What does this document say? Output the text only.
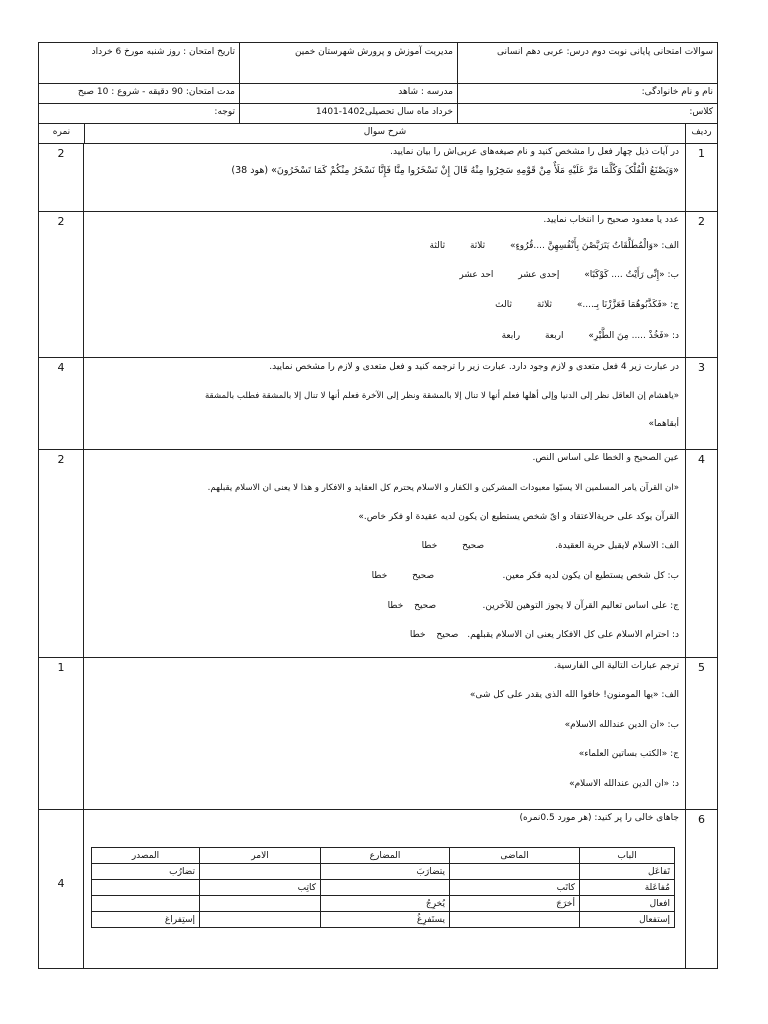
تاریخ امتحان : روز شنبه مورخ 6 خرداد	مدیریت آموزش و پرورش شهرستان خمین	سوالات امتحانی پایانی نوبت دوم درس: عربی دهم انسانی
مدت امتحان: 90 دقیقه - شروع : 10 صبح	مدرسه : شاهد	نام و نام خانوادگی:
توجه:	خرداد ماه سال تحصیلی1402-1401	کلاس:
نمره	شرح سوال	ردیف
1
در آیات ذیل چهار فعل را مشخص کنید و نام صیغه‌های عربی‌اش را بیان نمایید.
«وَیَصْنَعُ الْفُلْکَ وَکُلَّمَا مَرَّ عَلَیْهِ مَلَأٌ مِنْ قَوْمِهِ سَخِرُوا مِنْهُ قَالَ إِنْ تَسْخَرُوا مِنَّا فَإِنَّا نَسْخَرُ مِنْکُمْ کَمَا تَسْخَرُونَ» (هود 38)
2
2
عدد یا معدود صحیح را انتخاب نمایید.
الف: «وَالْمُطَلَّقَاتُ یَتَرَبَّصْنَ بِأَنْفُسِهِنَّ ....قُرُوءٍ» ثلاثة ثالثة
ب: «إِنِّی رَأَیْتُ .... کَوْکَبًا» إحدی عشر احد عشر
ج: «فَکَذَّبُوهُمَا فَعَزَّزْنَا بِـ....» ثلاثة ثالث
د: «فَخُذْ ..... مِنَ الطَّیْرِ» اربعة رابعة
2
3
در عبارت زیر 4 فعل متعدی و لازم وجود دارد. عبارت زیر را ترجمه کنید و فعل متعدی و لازم را مشخص نمایید.
«یاهشام إن العاقل نظر إلی الدنیا وإلی أهلها فعلم أنها لا تنال إلا بالمشقة ونظر إلی الآخرة فعلم أنها لا تنال إلا بالمشقة فطلب بالمشقة
أبقاهما»
4
4
عین الصحیح و الخطا علی اساس النص.
«ان القرآن یامر المسلمین الا یسبّوا معبودات المشرکین و الکفار و الاسلام یحترم کل العقاید و الافکار و هذا لا یعنی ان الاسلام یقبلهم.
القرآن یوکد علی حریةالاعتقاد و ایّ شخص یستطیع ان یکون لدیه عقیدة او فکر خاص.»
الف: الاسلام لایقبل حریة العقیدة. صحیح خطا
ب: کل شخص یستطیع ان یکون لدیه فکر معین. صحیح خطا
ج: علی اساس تعالیم القرآن لا یجوز التوهین للآخرین. صحیح خطا
د: احترام الاسلام علی کل الافکار یعنی ان الاسلام یقبلهم. صحیح خطا
2
5
ترجم عبارات التالیة الی الفارسیة.
الف: «یها المومنون! خافوا الله الذی یقدر علی کل شی»
ب: «ان الدین عندالله الاسلام»
ج: «الکتب بساتین العلماء»
د: «ان الدین عندالله الاسلام»
1
6
جاهای خالی را پر کنید: (هر مورد 0.5نمره)
الباب	الماضی	المضارع	الامر	المصدر
تَفاعَل		یتضارَبَ		تضارُب
مُفاعَلة	کاتَب		کاتِب	
افعال	أخرَجَ	یُخرِجُ		
إستفعال		یستَفرِغُ		إستِفراغ
4
